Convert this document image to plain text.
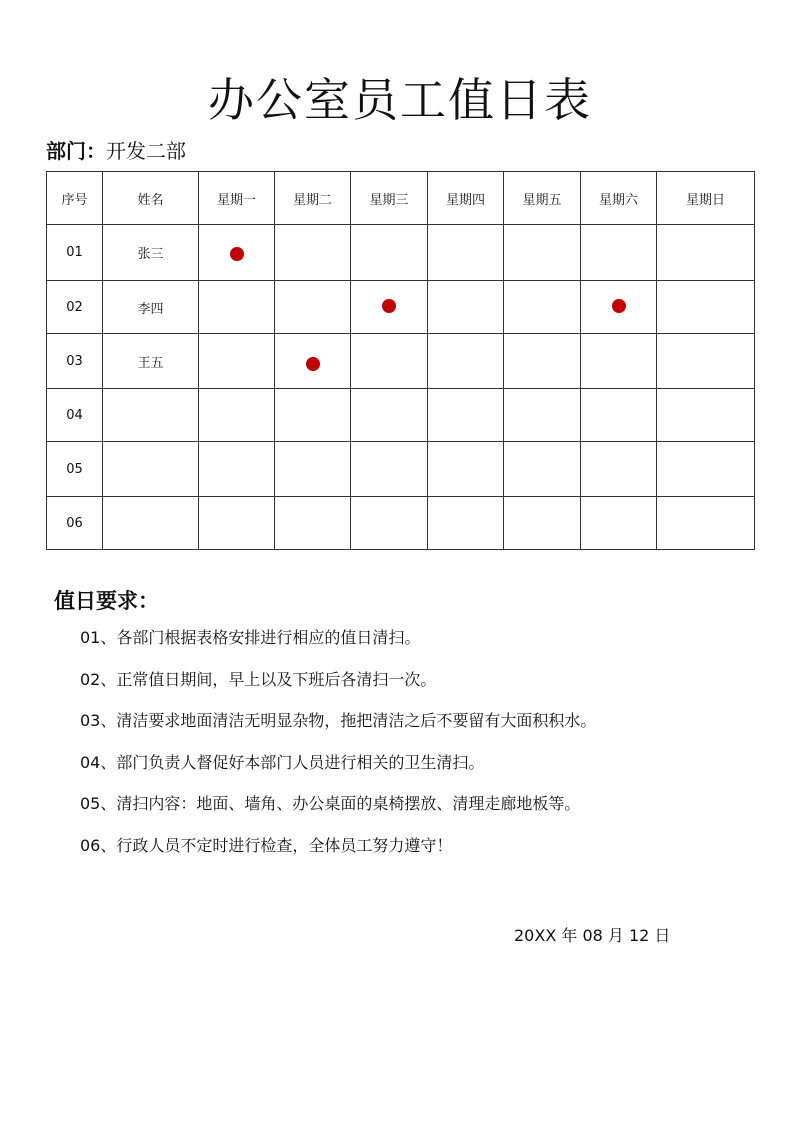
办公室员工值日表
部门：开发二部
序号	姓名	星期一	星期二	星期三	星期四	星期五	星期六	星期日
01	张三	

02	李四			

03	王五		

04								
05								
06								
值日要求：
01、各部门根据表格安排进行相应的值日清扫。
02、正常值日期间，早上以及下班后各清扫一次。
03、清洁要求地面清洁无明显杂物，拖把清洁之后不要留有大面积积水。
04、部门负责人督促好本部门人员进行相关的卫生清扫。
05、清扫内容：地面、墙角、办公桌面的桌椅摆放、清理走廊地板等。
06、行政人员不定时进行检查，全体员工努力遵守！
20XX 年 08 月 12 日
